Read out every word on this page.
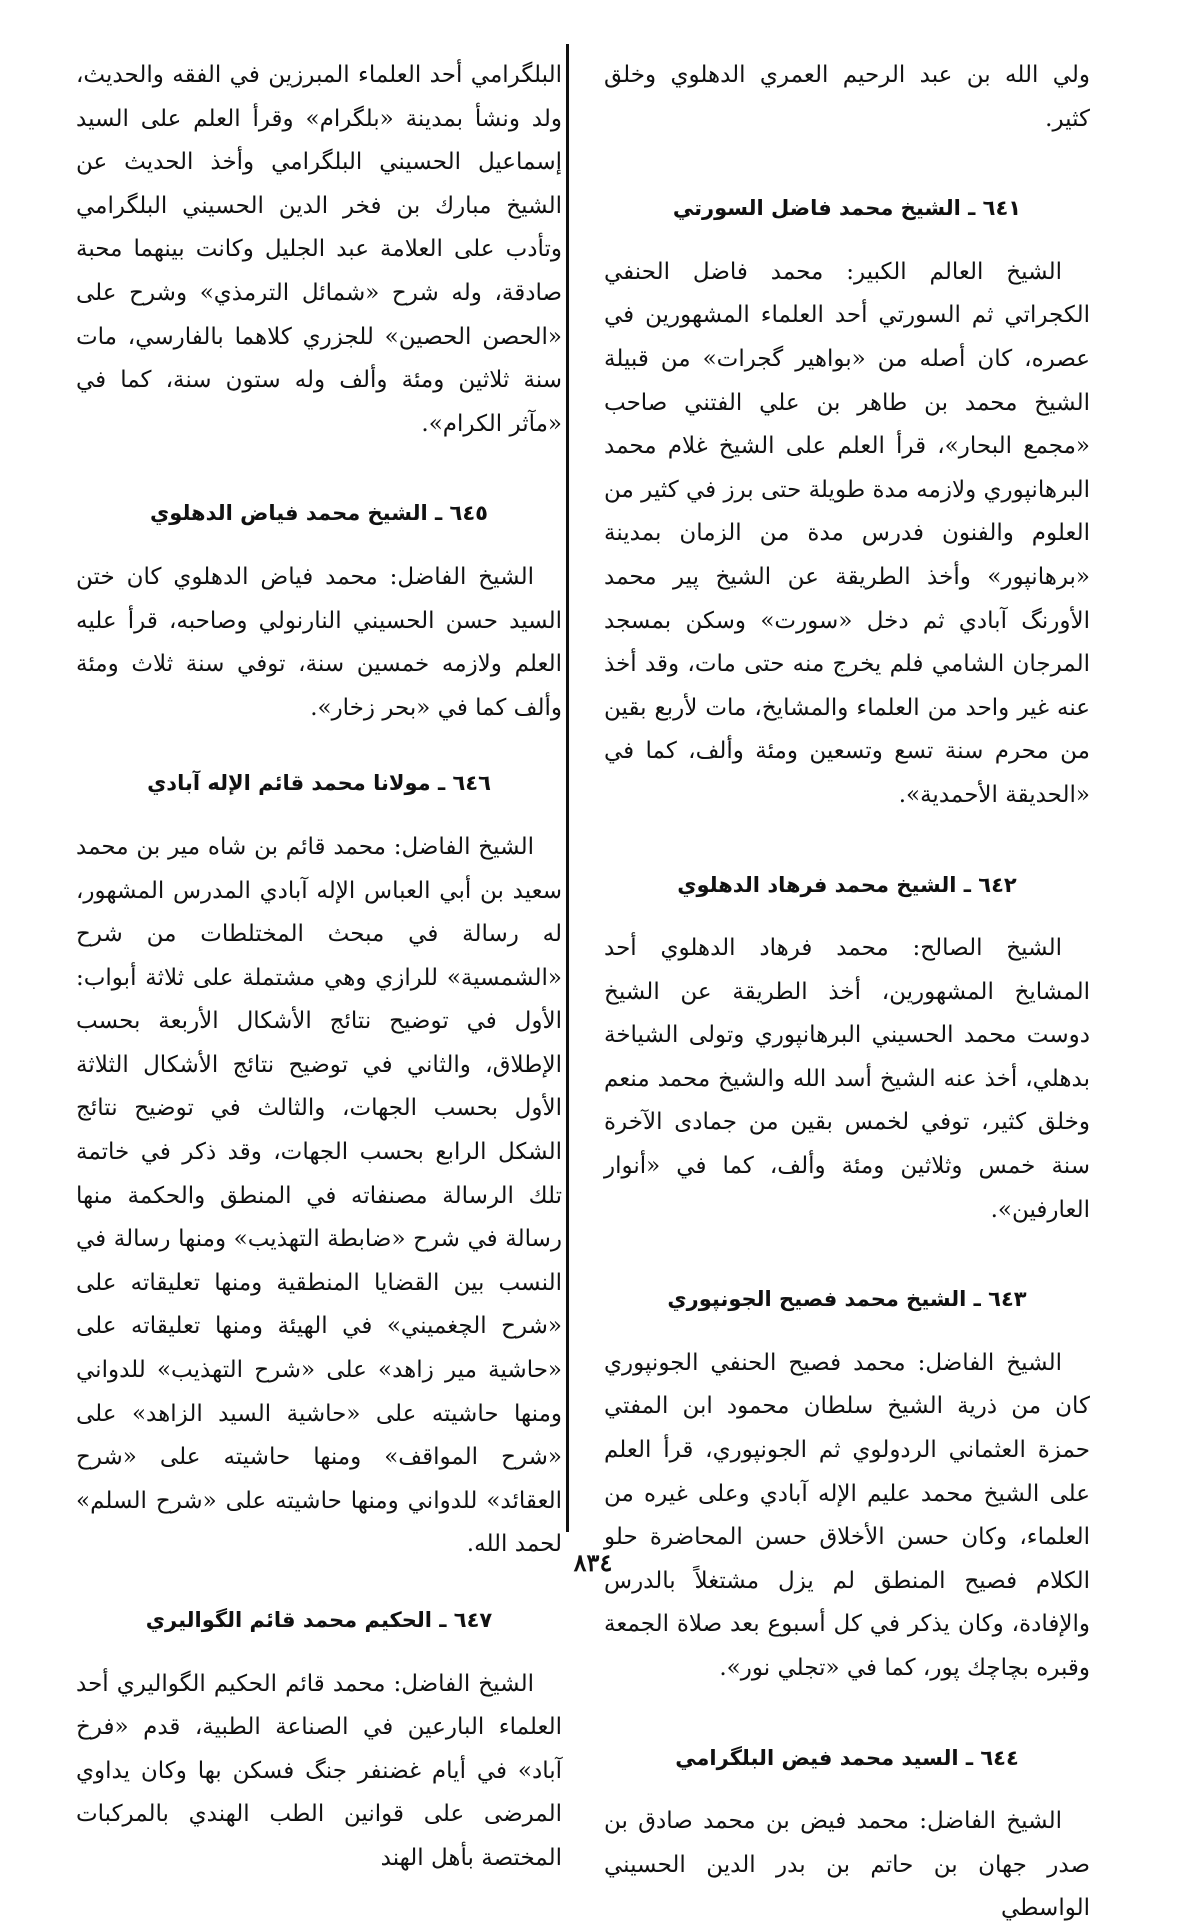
ولي الله بن عبد الرحيم العمري الدهلوي وخلق كثير.

٦٤١ ـ الشيخ محمد فاضل السورتي

الشيخ العالم الكبير: محمد فاضل الحنفي الكجراتي ثم السورتي أحد العلماء المشهورين في عصره، كان أصله من «بواهير گجرات» من قبيلة الشيخ محمد بن طاهر بن علي الفتني صاحب «مجمع البحار»، قرأ العلم على الشيخ غلام محمد البرهانپوري ولازمه مدة طويلة حتى برز في كثير من العلوم والفنون فدرس مدة من الزمان بمدينة «برهانپور» وأخذ الطريقة عن الشيخ پير محمد الأورنگ آبادي ثم دخل «سورت» وسكن بمسجد المرجان الشامي فلم يخرج منه حتى مات، وقد أخذ عنه غير واحد من العلماء والمشايخ، مات لأربع بقين من محرم سنة تسع وتسعين ومئة وألف، كما في «الحديقة الأحمدية».

٦٤٢ ـ الشيخ محمد فرهاد الدهلوي

الشيخ الصالح: محمد فرهاد الدهلوي أحد المشايخ المشهورين، أخذ الطريقة عن الشيخ دوست محمد الحسيني البرهانپوري وتولى الشياخة بدهلي، أخذ عنه الشيخ أسد الله والشيخ محمد منعم وخلق كثير، توفي لخمس بقين من جمادى الآخرة سنة خمس وثلاثين ومئة وألف، كما في «أنوار العارفين».

٦٤٣ ـ الشيخ محمد فصيح الجونپوري

الشيخ الفاضل: محمد فصيح الحنفي الجونپوري كان من ذرية الشيخ سلطان محمود ابن المفتي حمزة العثماني الردولوي ثم الجونپوري، قرأ العلم على الشيخ محمد عليم الإله آبادي وعلى غيره من العلماء، وكان حسن الأخلاق حسن المحاضرة حلو الكلام فصيح المنطق لم يزل مشتغلاً بالدرس والإفادة، وكان يذكر في كل أسبوع بعد صلاة الجمعة وقبره بچاچك پور، كما في «تجلي نور».

٦٤٤ ـ السيد محمد فيض البلگرامي

الشيخ الفاضل: محمد فيض بن محمد صادق بن صدر جهان بن حاتم بن بدر الدين الحسيني الواسطي

البلگرامي أحد العلماء المبرزين في الفقه والحديث، ولد ونشأ بمدينة «بلگرام» وقرأ العلم على السيد إسماعيل الحسيني البلگرامي وأخذ الحديث عن الشيخ مبارك بن فخر الدين الحسيني البلگرامي وتأدب على العلامة عبد الجليل وكانت بينهما محبة صادقة، وله شرح «شمائل الترمذي» وشرح على «الحصن الحصين» للجزري كلاهما بالفارسي، مات سنة ثلاثين ومئة وألف وله ستون سنة، كما في «مآثر الكرام».

٦٤٥ ـ الشيخ محمد فياض الدهلوي

الشيخ الفاضل: محمد فياض الدهلوي كان ختن السيد حسن الحسيني النارنولي وصاحبه، قرأ عليه العلم ولازمه خمسين سنة، توفي سنة ثلاث ومئة وألف كما في «بحر زخار».

٦٤٦ ـ مولانا محمد قائم الإله آبادي

الشيخ الفاضل: محمد قائم بن شاه مير بن محمد سعيد بن أبي العباس الإله آبادي المدرس المشهور، له رسالة في مبحث المختلطات من شرح «الشمسية» للرازي وهي مشتملة على ثلاثة أبواب: الأول في توضيح نتائج الأشكال الأربعة بحسب الإطلاق، والثاني في توضيح نتائج الأشكال الثلاثة الأول بحسب الجهات، والثالث في توضيح نتائج الشكل الرابع بحسب الجهات، وقد ذكر في خاتمة تلك الرسالة مصنفاته في المنطق والحكمة منها رسالة في شرح «ضابطة التهذيب» ومنها رسالة في النسب بين القضايا المنطقية ومنها تعليقاته على «شرح الچغميني» في الهيئة ومنها تعليقاته على «حاشية مير زاهد» على «شرح التهذيب» للدواني ومنها حاشيته على «حاشية السيد الزاهد» على «شرح المواقف» ومنها حاشيته على «شرح العقائد» للدواني ومنها حاشيته على «شرح السلم» لحمد الله.

٦٤٧ ـ الحكيم محمد قائم الگواليري

الشيخ الفاضل: محمد قائم الحكيم الگواليري أحد العلماء البارعين في الصناعة الطبية، قدم «فرخ آباد» في أيام غضنفر جنگ فسكن بها وكان يداوي المرضى على قوانين الطب الهندي بالمركبات المختصة بأهل الهند

٨٣٤
